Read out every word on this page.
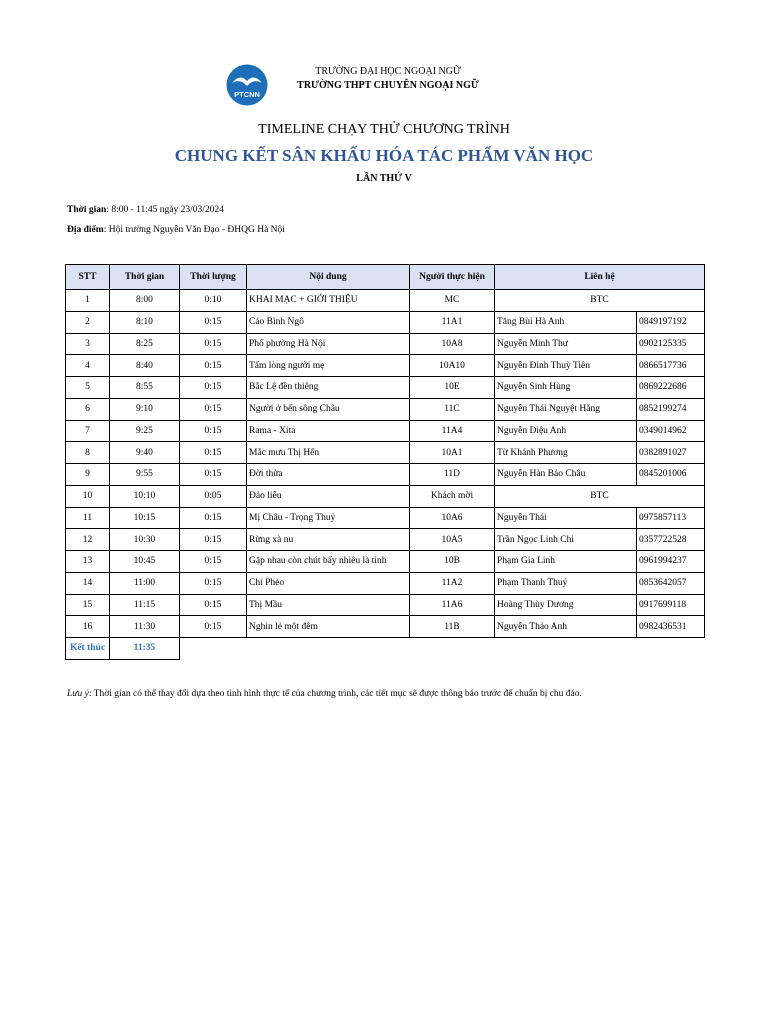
PTCNN
TRƯỜNG ĐẠI HỌC NGOẠI NGỮ
TRƯỜNG THPT CHUYÊN NGOẠI NGỮ
TIMELINE CHẠY THỬ CHƯƠNG TRÌNH
CHUNG KẾT SÂN KHẤU HÓA TÁC PHẨM VĂN HỌC
LẦN THỨ V
Thời gian: 8:00 - 11:45 ngày 23/03/2024
Địa điểm: Hội trường Nguyễn Văn Đạo - ĐHQG Hà Nội
STT	Thời gian	Thời lượng	Nội dung	Người thực hiện	Liên hệ	
1	8:00	0:10	KHAI MẠC + GIỚI THIỆU	MC	BTC	
2	8:10	0:15	Cáo Bình Ngô	11A1	Tăng Bùi Hà Anh	0849197192
3	8:25	0:15	Phố phường Hà Nội	10A8	Nguyễn Minh Thư	0902125335
4	8:40	0:15	Tấm lòng người mẹ	10A10	Nguyễn Đinh Thuỳ Tiên	0866517736
5	8:55	0:15	Bắc Lệ đền thiêng	10E	Nguyễn Sinh Hùng	0869222686
6	9:10	0:15	Người ở bến sông Châu	11C	Nguyễn Thái Nguyệt Hằng	0852199274
7	9:25	0:15	Rama - Xita	11A4	Nguyễn Diệu Anh	0349014962
8	9:40	0:15	Mắc mưu Thị Hến	10A1	Từ Khánh Phương	0382891027
9	9:55	0:15	Đời thừa	11D	Nguyễn Hàn Bảo Châu	0845201006
10	10:10	0:05	Đảo liễu	Khách mời	BTC	
11	10:15	0:15	Mị Châu - Trọng Thuỷ	10A6	Nguyễn Thái	0975857113
12	10:30	0:15	Rừng xà nu	10A5	Trần Ngọc Linh Chi	0357722528
13	10:45	0:15	Gặp nhau còn chút bấy nhiêu là tình	10B	Phạm Gia Linh	0961994237
14	11:00	0:15	Chí Phèo	11A2	Phạm Thanh Thuý	0853642057
15	11:15	0:15	Thị Mầu	11A6	Hoàng Thùy Dương	0917699118
16	11:30	0:15	Nghìn lẻ một đêm	11B	Nguyễn Thảo Anh	0982436531
Kết thúc	11:35					
Lưu ý: Thời gian có thể thay đổi dựa theo tình hình thực tế của chương trình, các tiết mục sẽ được thông báo trước để chuẩn bị chu đáo.
